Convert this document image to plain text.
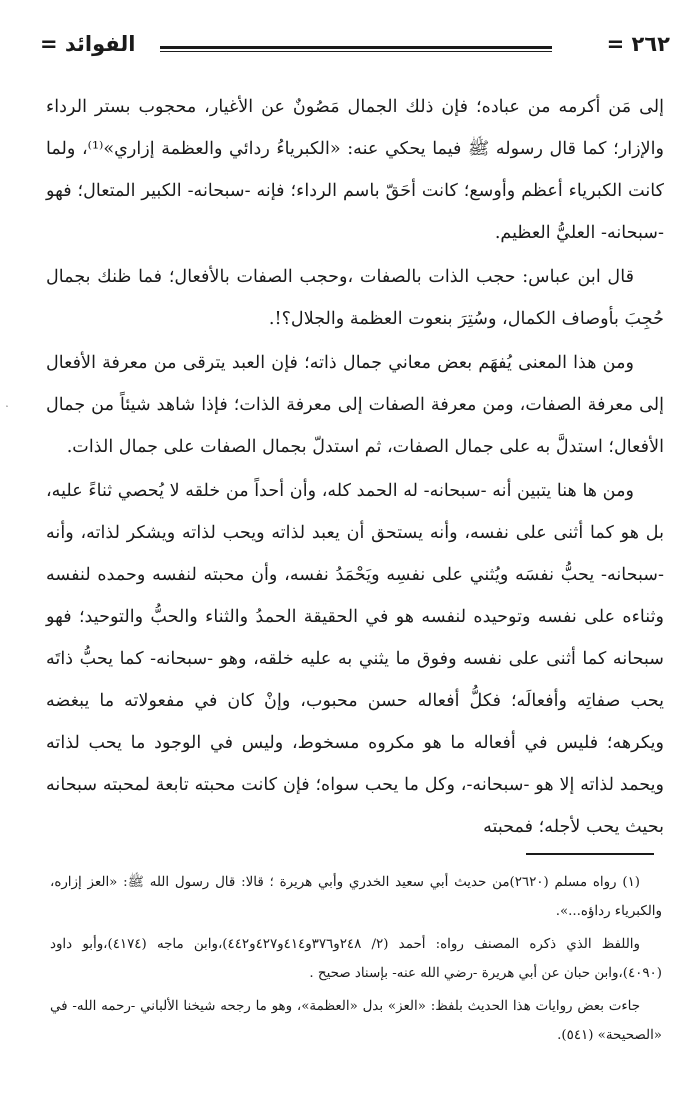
٢٦٢ =
الفوائد =

إلى مَن أكرمه من عباده؛ فإن ذلك الجمال مَصُونٌ عن الأغيار، محجوب بستر الرداء والإزار؛ كما قال رسوله ﷺ فيما يحكي عنه: «الكبرياءُ ردائي والعظمة إزاري»⁽¹⁾، ولما كانت الكبرياء أعظم وأوسع؛ كانت أحَقّ باسم الرداء؛ فإنه -سبحانه- الكبير المتعال؛ فهو -سبحانه- العليُّ العظيم.

قال ابن عباس: حجب الذات بالصفات ،وحجب الصفات بالأفعال؛ فما ظنك بجمال حُجِبَ بأوصاف الكمال، وسُتِرَ بنعوت العظمة والجلال؟!.

ومن هذا المعنى يُفهَم بعض معاني جمال ذاته؛ فإن العبد يترقى من معرفة الأفعال إلى معرفة الصفات، ومن معرفة الصفات إلى معرفة الذات؛ فإذا شاهد شيئاً من جمال الأفعال؛ استدلَّ به على جمال الصفات، ثم استدلّ بجمال الصفات على جمال الذات.

ومن ها هنا يتبين أنه -سبحانه- له الحمد كله، وأن أحداً من خلقه لا يُحصي ثناءً عليه، بل هو كما أثنى على نفسه، وأنه يستحق أن يعبد لذاته ويحب لذاته ويشكر لذاته، وأنه -سبحانه- يحبُّ نفسَه ويُثني على نفسِه ويَحْمَدُ نفسه، وأن محبته لنفسه وحمده لنفسه وثناءه على نفسه وتوحيده لنفسه هو في الحقيقة الحمدُ والثناء والحبُّ والتوحيد؛ فهو سبحانه كما أثنى على نفسه وفوق ما يثني به عليه خلقه، وهو -سبحانه- كما يحبُّ ذاتَه يحب صفاتِه وأفعالَه؛ فكلُّ أفعاله حسن محبوب، وإنْ كان في مفعولاته ما يبغضه ويكرهه؛ فليس في أفعاله ما هو مكروه مسخوط، وليس في الوجود ما يحب لذاته ويحمد لذاته إلا هو -سبحانه-، وكل ما يحب سواه؛ فإن كانت محبته تابعة لمحبته سبحانه بحيث يحب لأجله؛ فمحبته

(١) رواه مسلم (٢٦٢٠)من حديث أبي سعيد الخدري وأبي هريرة ؛ قالا: قال رسول الله ﷺ: «العز إزاره، والكبرياء رداؤه...».

واللفظ الذي ذكره المصنف رواه: أحمد (٢/ ٢٤٨و٣٧٦و٤١٤و٤٢٧و٤٤٢)،وابن ماجه (٤١٧٤)،وأبو داود (٤٠٩٠)،وابن حبان عن أبي هريرة -رضي الله عنه- بإسناد صحيح .

جاءت بعض روايات هذا الحديث بلفظ: «العز» بدل «العظمة»، وهو ما رجحه شيخنا الألباني -رحمه الله- في «الصحيحة» (٥٤١).
